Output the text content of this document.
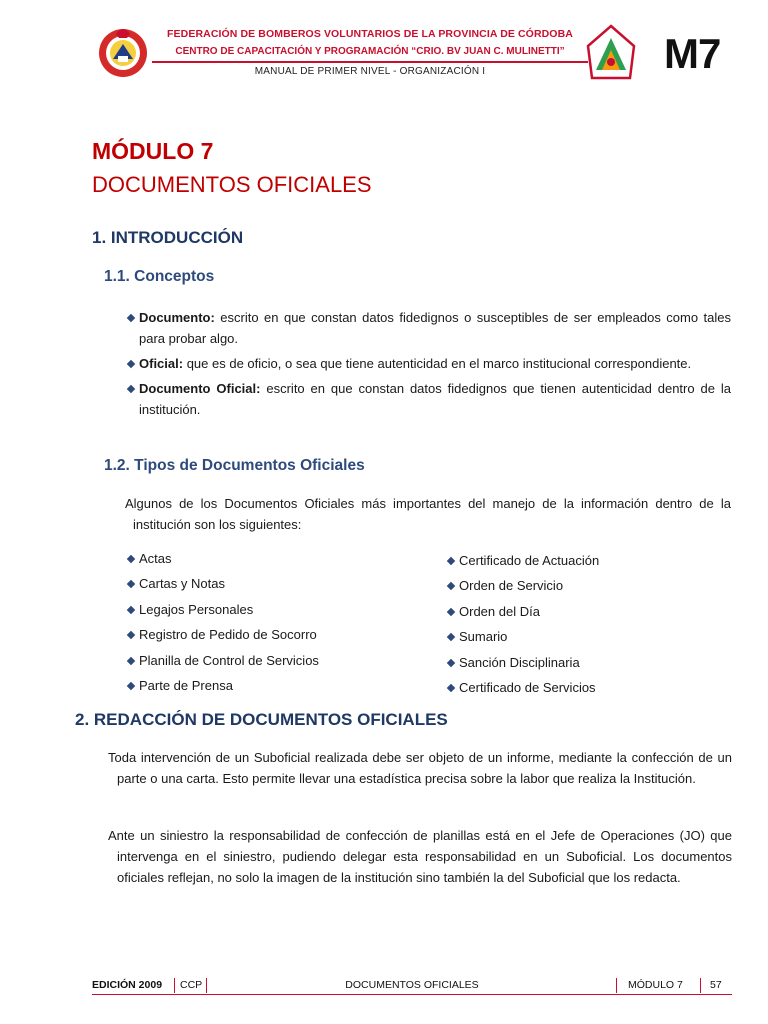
FEDERACIÓN DE BOMBEROS VOLUNTARIOS DE LA PROVINCIA DE CÓRDOBA
CENTRO DE CAPACITACIÓN Y PROGRAMACIÓN “CRIO. BV JUAN C. MULINETTI”
MANUAL DE PRIMER NIVEL - ORGANIZACIÓN I	M7
MÓDULO 7
DOCUMENTOS OFICIALES
1. INTRODUCCIÓN
1.1. Conceptos
Documento: escrito en que constan datos fidedignos o susceptibles de ser empleados como tales para probar algo.
Oficial: que es de oficio, o sea que tiene autenticidad en el marco institucional correspondiente.
Documento Oficial: escrito en que constan datos fidedignos que tienen autenticidad dentro de la institución.
1.2. Tipos de Documentos Oficiales
Algunos de los Documentos Oficiales más importantes del manejo de la información dentro de la institución son los siguientes:
Actas
Cartas y Notas
Legajos Personales
Registro de Pedido de Socorro
Planilla de Control de Servicios
Parte de Prensa
Certificado de Actuación
Orden de Servicio
Orden del Día
Sumario
Sanción Disciplinaria
Certificado de Servicios
2. REDACCIÓN DE DOCUMENTOS OFICIALES
Toda intervención de un Suboficial realizada debe ser objeto de un informe, mediante la confección de un parte o una carta. Esto permite llevar una estadística precisa sobre la labor que realiza la Institución.
Ante un siniestro la responsabilidad de confección de planillas está en el Jefe de Operaciones (JO) que intervenga en el siniestro, pudiendo delegar esta responsabilidad en un Suboficial. Los documentos oficiales reflejan, no solo la imagen de la institución sino también la del Suboficial que los redacta.
EDICIÓN 2009 CCP	DOCUMENTOS OFICIALES	MÓDULO 7	57
